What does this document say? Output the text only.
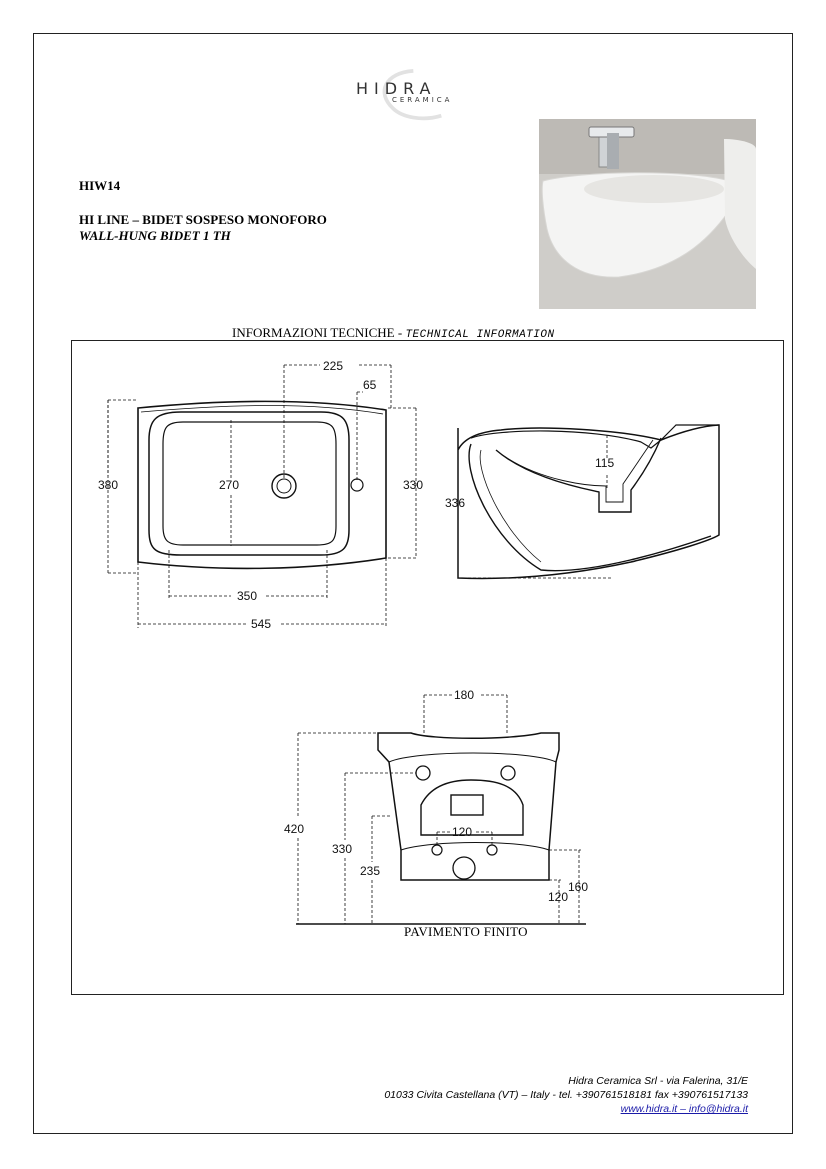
HIDRA
CERAMICA
HIW14
HI LINE – BIDET SOSPESO MONOFORO
WALL-HUNG BIDET 1 TH
INFORMAZIONI TECNICHE - TECHNICAL INFORMATION
225
65
380	270	330
350
545
115
336
180
420
330
120
235
160
120
PAVIMENTO FINITO
Hidra Ceramica Srl - via Falerina, 31/E
01033 Civita Castellana (VT) – Italy - tel. +390761518181 fax +390761517133
www.hidra.it – info@hidra.it
